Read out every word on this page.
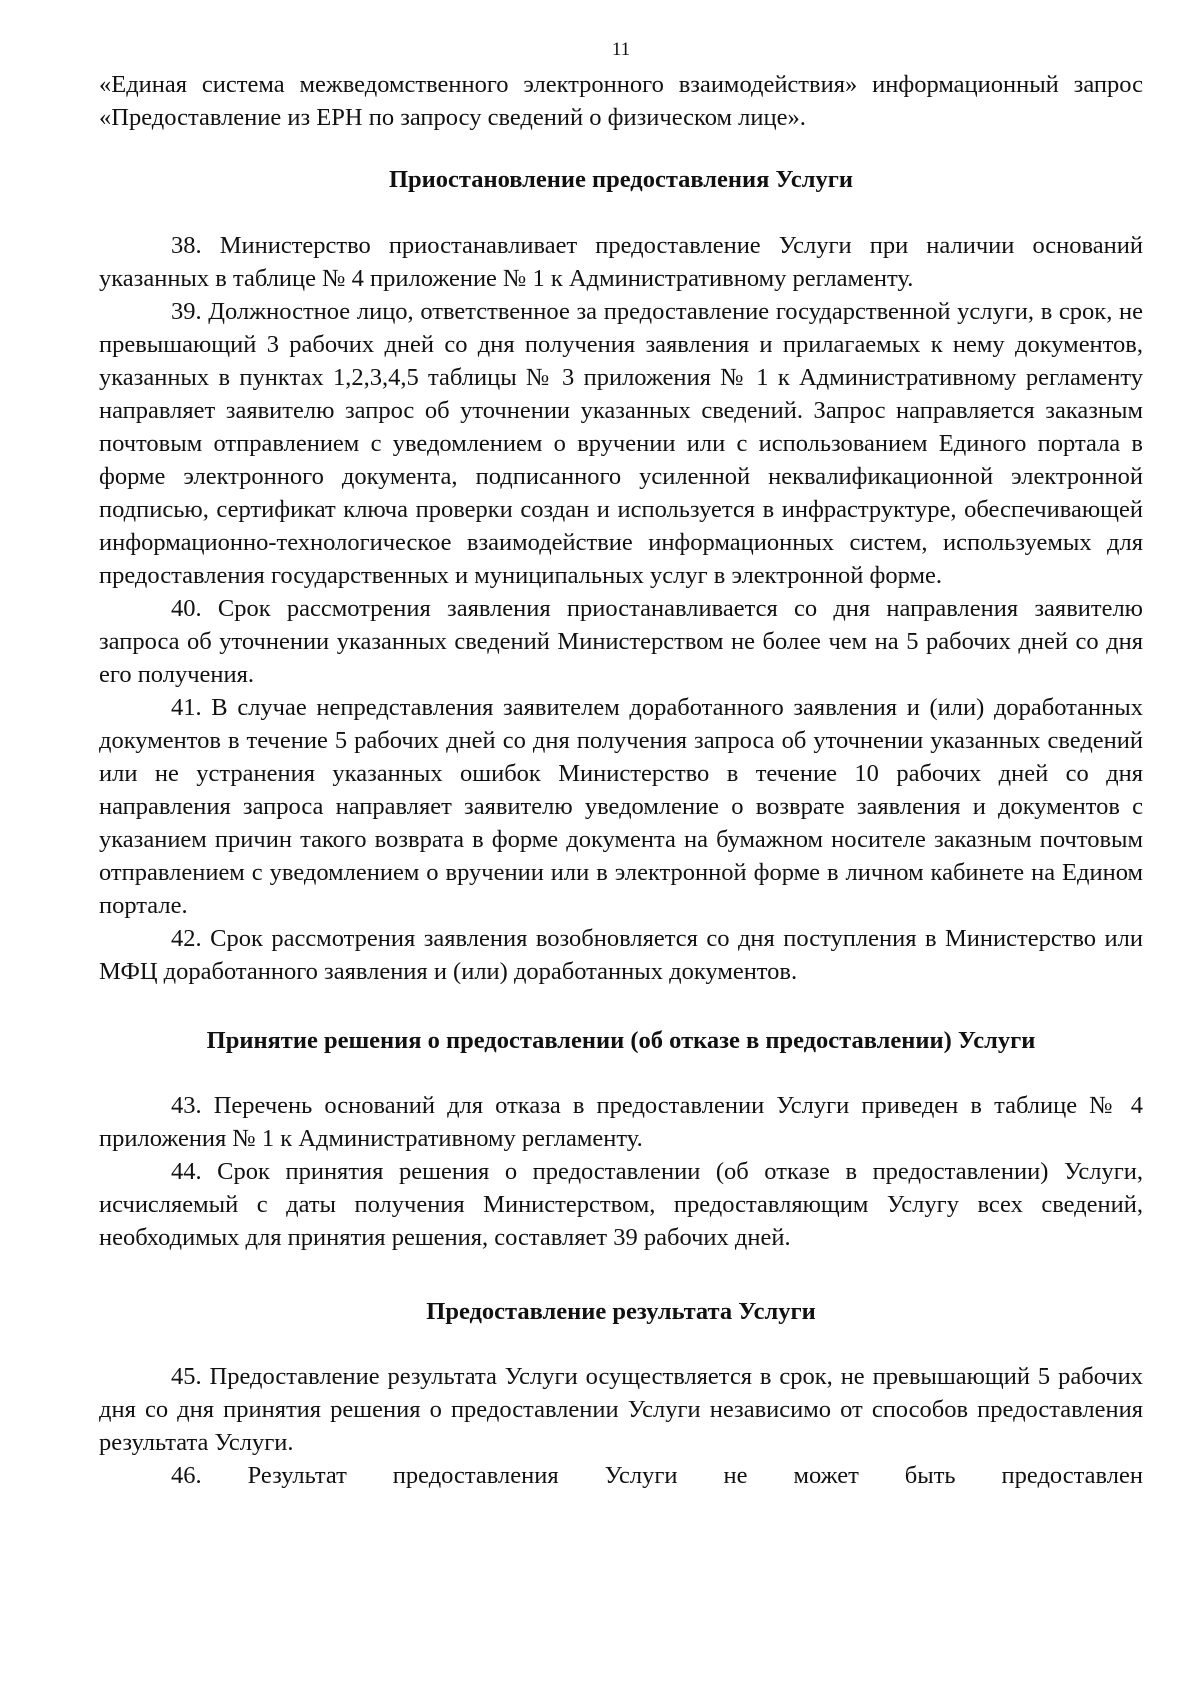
11

«Единая система межведомственного электронного взаимодействия» информационный запрос «Предоставление из ЕРН по запросу сведений о физическом лице».

Приостановление предоставления Услуги

38. Министерство приостанавливает предоставление Услуги при наличии оснований указанных в таблице № 4 приложение № 1 к Административному регламенту.

39. Должностное лицо, ответственное за предоставление государственной услуги, в срок, не превышающий 3 рабочих дней со дня получения заявления и прилагаемых к нему документов, указанных в пунктах 1,2,3,4,5 таблицы № 3 приложения № 1 к Административному регламенту направляет заявителю запрос об уточнении указанных сведений. Запрос направляется заказным почтовым отправлением с уведомлением о вручении или с использованием Единого портала в форме электронного документа, подписанного усиленной неквалификационной электронной подписью, сертификат ключа проверки создан и используется в инфраструктуре, обеспечивающей информационно-технологическое взаимодействие информационных систем, используемых для предоставления государственных и муниципальных услуг в электронной форме.

40. Срок рассмотрения заявления приостанавливается со дня направления заявителю запроса об уточнении указанных сведений Министерством не более чем на 5 рабочих дней со дня его получения.

41. В случае непредставления заявителем доработанного заявления и (или) доработанных документов в течение 5 рабочих дней со дня получения запроса об уточнении указанных сведений или не устранения указанных ошибок Министерство в течение 10 рабочих дней со дня направления запроса направляет заявителю уведомление о возврате заявления и документов с указанием причин такого возврата в форме документа на бумажном носителе заказным почтовым отправлением с уведомлением о вручении или в электронной форме в личном кабинете на Едином портале.

42. Срок рассмотрения заявления возобновляется со дня поступления в Министерство или МФЦ доработанного заявления и (или) доработанных документов.

Принятие решения о предоставлении (об отказе в предоставлении) Услуги

43. Перечень оснований для отказа в предоставлении Услуги приведен в таблице № 4 приложения № 1 к Административному регламенту.

44. Срок принятия решения о предоставлении (об отказе в предоставлении) Услуги, исчисляемый с даты получения Министерством, предоставляющим Услугу всех сведений, необходимых для принятия решения, составляет 39 рабочих дней.

Предоставление результата Услуги

45. Предоставление результата Услуги осуществляется в срок, не превышающий 5 рабочих дня со дня принятия решения о предоставлении Услуги независимо от способов предоставления результата Услуги.

46. Результат предоставления Услуги не может быть предоставлен
